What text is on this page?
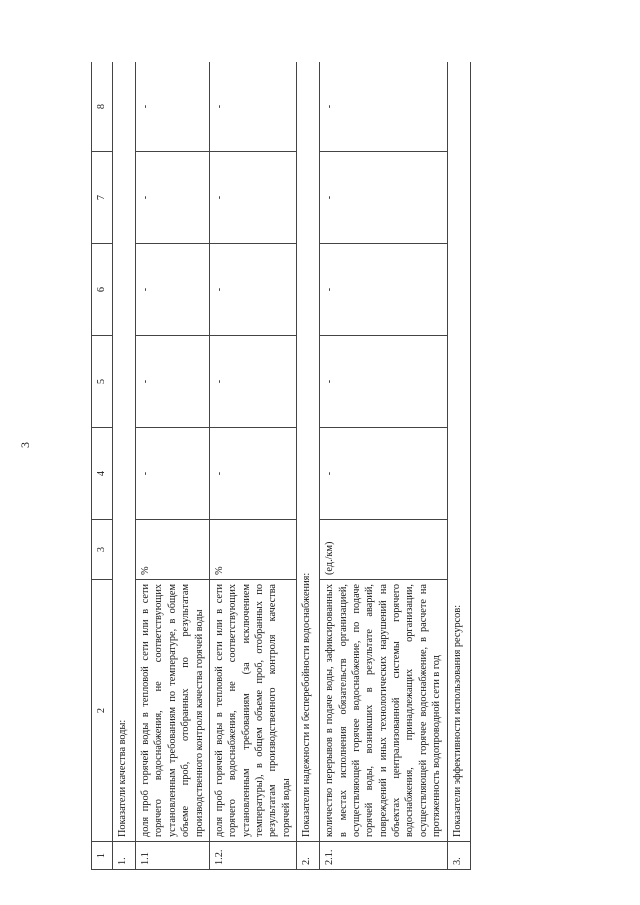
3
1	2	3	4	5	6	7	8
1.	Показатели качества воды:						
1.1	доля проб горячей воды в тепловой сети или в сети горячего водоснабжения, не соответствующих установленным требованиям по температуре, в общем объеме проб, отобранных по результатам производственного контроля качества горячей воды	%	-	-	-	-	-
1.2.	доля проб горячей воды в тепловой сети или в сети горячего водоснабжения, не соответствующих установленным требованиям (за исключением температуры), в общем объеме проб, отобранных по результатам производственного контроля качества горячей воды	%	-	-	-	-	-
2.	Показатели надежности и бесперебойности водоснабжения:						
2.1.	количество перерывов в подаче воды, зафиксированных в местах исполнения обязательств организацией, осуществляющей горячее водоснабжение, по подаче горячей воды, возникших в результате аварий, повреждений и иных технологических нарушений на объектах централизованной системы горячего водоснабжения, принадлежащих организации, осуществляющей горячее водоснабжение, в расчете на протяженность водопроводной сети в год	(ед./км)	-	-	-	-	-
3.	Показатели эффективности использования ресурсов:						
